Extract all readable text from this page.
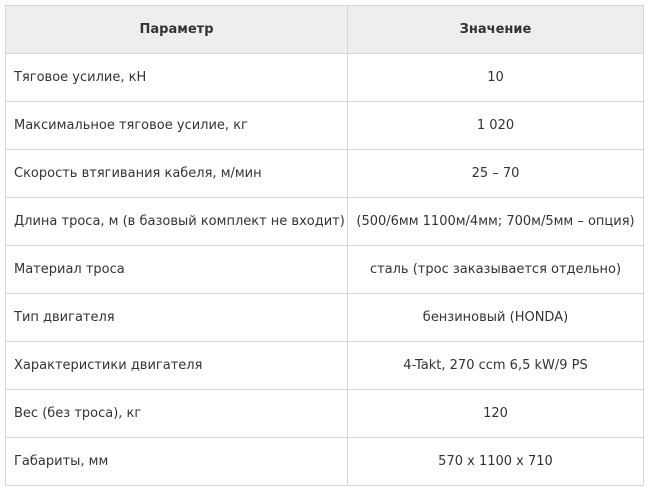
Параметр	Значение
Тяговое усилие, кН	10
Максимальное тяговое усилие, кг	1 020
Скорость втягивания кабеля, м/мин	25 – 70
Длина троса, м (в базовый комплект не входит)	(500/6мм 1100м/4мм; 700м/5мм – опция)
Материал троса	сталь (трос заказывается отдельно)
Тип двигателя	бензиновый (HONDA)
Характеристики двигателя	4-Takt, 270 ccm 6,5 kW/9 PS
Вес (без троса), кг	120
Габариты, мм	570 x 1100 x 710
